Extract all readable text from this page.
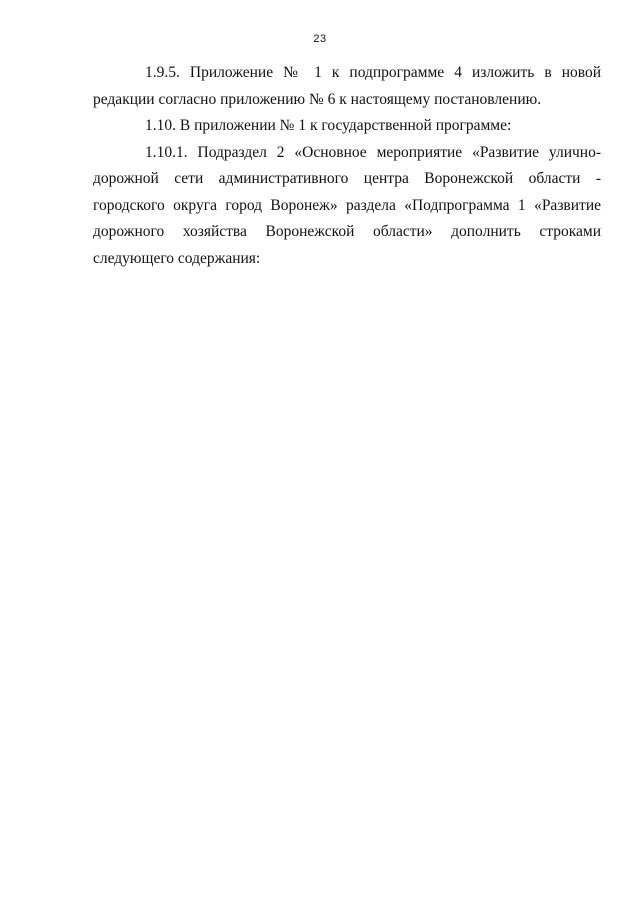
23

1.9.5. Приложение № 1 к подпрограмме 4 изложить в новой редакции согласно приложению № 6 к настоящему постановлению.

1.10. В приложении № 1 к государственной программе:

1.10.1. Подраздел 2 «Основное мероприятие «Развитие улично-дорожной сети административного центра Воронежской области - городского округа город Воронеж» раздела «Подпрограмма 1 «Развитие дорожного хозяйства Воронежской области» дополнить строками следующего содержания:
